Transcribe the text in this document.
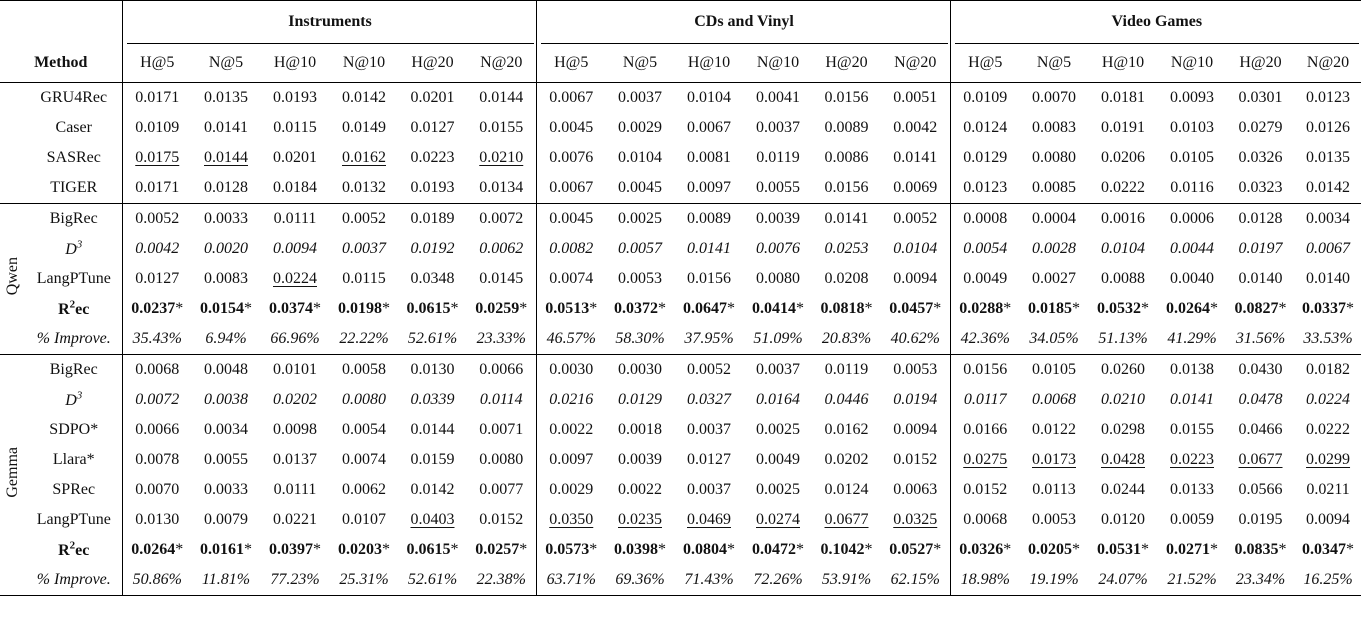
		Instruments						CDs and Vinyl						Video Games					

Method		H@5	N@5	H@10	N@10	H@20	N@20	H@5	N@5	H@10	N@10	H@20	N@20	H@5	N@5	H@10	N@10	H@20	N@20
	GRU4Rec	0.0171	0.0135	0.0193	0.0142	0.0201	0.0144	0.0067	0.0037	0.0104	0.0041	0.0156	0.0051	0.0109	0.0070	0.0181	0.0093	0.0301	0.0123
	Caser	0.0109	0.0141	0.0115	0.0149	0.0127	0.0155	0.0045	0.0029	0.0067	0.0037	0.0089	0.0042	0.0124	0.0083	0.0191	0.0103	0.0279	0.0126
	SASRec	0.0175	0.0144	0.0201	0.0162	0.0223	0.0210	0.0076	0.0104	0.0081	0.0119	0.0086	0.0141	0.0129	0.0080	0.0206	0.0105	0.0326	0.0135
	TIGER	0.0171	0.0128	0.0184	0.0132	0.0193	0.0134	0.0067	0.0045	0.0097	0.0055	0.0156	0.0069	0.0123	0.0085	0.0222	0.0116	0.0323	0.0142
Qwen	BigRec	0.0052	0.0033	0.0111	0.0052	0.0189	0.0072	0.0045	0.0025	0.0089	0.0039	0.0141	0.0052	0.0008	0.0004	0.0016	0.0006	0.0128	0.0034
	$D^3$	0.0042	0.0020	0.0094	0.0037	0.0192	0.0062	0.0082	0.0057	0.0141	0.0076	0.0253	0.0104	0.0054	0.0028	0.0104	0.0044	0.0197	0.0067
	LangPTune	0.0127	0.0083	0.0224	0.0115	0.0348	0.0145	0.0074	0.0053	0.0156	0.0080	0.0208	0.0094	0.0049	0.0027	0.0088	0.0040	0.0140	0.0140
	$R^2ec$	0.0237*	0.0154*	0.0374*	0.0198*	0.0615*	0.0259*	0.0513*	0.0372*	0.0647*	0.0414*	0.0818*	0.0457*	0.0288*	0.0185*	0.0532*	0.0264*	0.0827*	0.0337*
	% Improve.	35.43%	6.94%	66.96%	22.22%	52.61%	23.33%	46.57%	58.30%	37.95%	51.09%	20.83%	40.62%	42.36%	34.05%	51.13%	41.29%	31.56%	33.53%
Gemma	BigRec	0.0068	0.0048	0.0101	0.0058	0.0130	0.0066	0.0030	0.0030	0.0052	0.0037	0.0119	0.0053	0.0156	0.0105	0.0260	0.0138	0.0430	0.0182
	$D^3$	0.0072	0.0038	0.0202	0.0080	0.0339	0.0114	0.0216	0.0129	0.0327	0.0164	0.0446	0.0194	0.0117	0.0068	0.0210	0.0141	0.0478	0.0224
	SDPO*	0.0066	0.0034	0.0098	0.0054	0.0144	0.0071	0.0022	0.0018	0.0037	0.0025	0.0162	0.0094	0.0166	0.0122	0.0298	0.0155	0.0466	0.0222
	Llara*	0.0078	0.0055	0.0137	0.0074	0.0159	0.0080	0.0097	0.0039	0.0127	0.0049	0.0202	0.0152	0.0275	0.0173	0.0428	0.0223	0.0677	0.0299
	SPRec	0.0070	0.0033	0.0111	0.0062	0.0142	0.0077	0.0029	0.0022	0.0037	0.0025	0.0124	0.0063	0.0152	0.0113	0.0244	0.0133	0.0566	0.0211
	LangPTune	0.0130	0.0079	0.0221	0.0107	0.0403	0.0152	0.0350	0.0235	0.0469	0.0274	0.0677	0.0325	0.0068	0.0053	0.0120	0.0059	0.0195	0.0094
	$R^2ec$	0.0264*	0.0161*	0.0397*	0.0203*	0.0615*	0.0257*	0.0573*	0.0398*	0.0804*	0.0472*	0.1042*	0.0527*	0.0326*	0.0205*	0.0531*	0.0271*	0.0835*	0.0347*
	% Improve.	50.86%	11.81%	77.23%	25.31%	52.61%	22.38%	63.71%	69.36%	71.43%	72.26%	53.91%	62.15%	18.98%	19.19%	24.07%	21.52%	23.34%	16.25%
